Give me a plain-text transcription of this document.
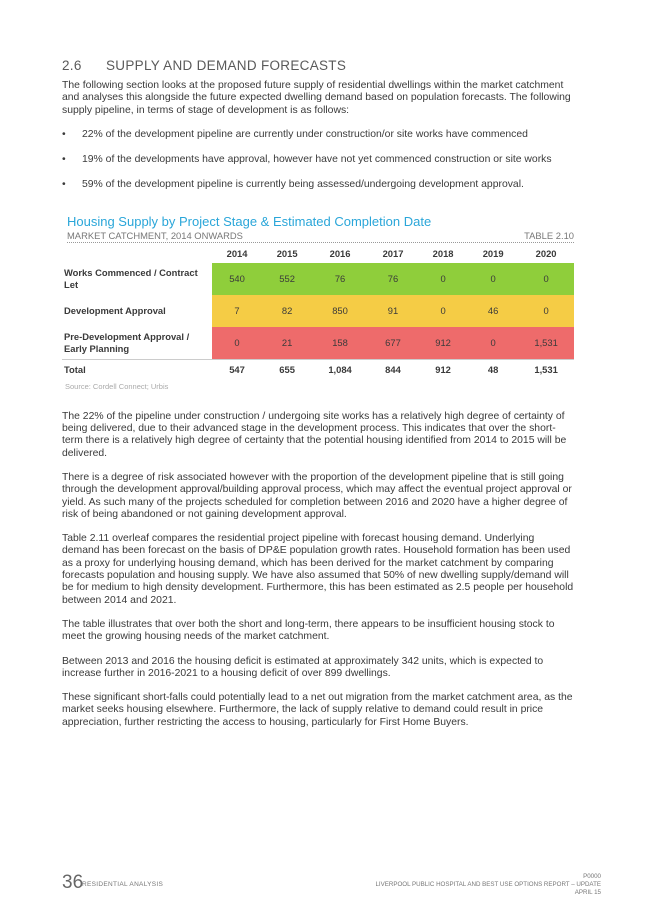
2.6 SUPPLY AND DEMAND FORECASTS

The following section looks at the proposed future supply of residential dwellings within the market catchment and analyses this alongside the future expected dwelling demand based on population forecasts. The following supply pipeline, in terms of stage of development is as follows:

• 22% of the development pipeline are currently under construction/or site works have commenced
• 19% of the developments have approval, however have not yet commenced construction or site works
• 59% of the development pipeline is currently being assessed/undergoing development approval.
Housing Supply by Project Stage & Estimated Completion Date
MARKET CATCHMENT, 2014 ONWARDS	TABLE 2.10
	2014	2015	2016	2017	2018	2019	2020
Works Commenced / Contract Let	540	552	76	76	0	0	0
Development Approval	7	82	850	91	0	46	0
Pre-Development Approval / Early Planning	0	21	158	677	912	0	1,531
Total	547	655	1,084	844	912	48	1,531
Source: Cordell Connect; Urbis

The 22% of the pipeline under construction / undergoing site works has a relatively high degree of certainty of being delivered, due to their advanced stage in the development process. This indicates that over the short-term there is a relatively high degree of certainty that the potential housing identified from 2014 to 2015 will be delivered.

There is a degree of risk associated however with the proportion of the development pipeline that is still going through the development approval/building approval process, which may affect the eventual project approval or yield. As such many of the projects scheduled for completion between 2016 and 2020 have a higher degree of risk of being abandoned or not gaining development approval.

Table 2.11 overleaf compares the residential project pipeline with forecast housing demand. Underlying demand has been forecast on the basis of DP&E population growth rates. Household formation has been used as a proxy for underlying housing demand, which has been derived for the market catchment by comparing forecasts population and housing supply. We have also assumed that 50% of new dwelling supply/demand will be for medium to high density development. Furthermore, this has been estimated as 2.5 people per household between 2014 and 2021.

The table illustrates that over both the short and long-term, there appears to be insufficient housing stock to meet the growing housing needs of the market catchment.

Between 2013 and 2016 the housing deficit is estimated at approximately 342 units, which is expected to increase further in 2016-2021 to a housing deficit of over 899 dwellings.

These significant short-falls could potentially lead to a net out migration from the market catchment area, as the market seeks housing elsewhere. Furthermore, the lack of supply relative to demand could result in price appreciation, further restricting the access to housing, particularly for First Home Buyers.

36
RESIDENTIAL ANALYSIS
P0000
LIVERPOOL PUBLIC HOSPITAL AND BEST USE OPTIONS REPORT – UPDATE
APRIL 15
